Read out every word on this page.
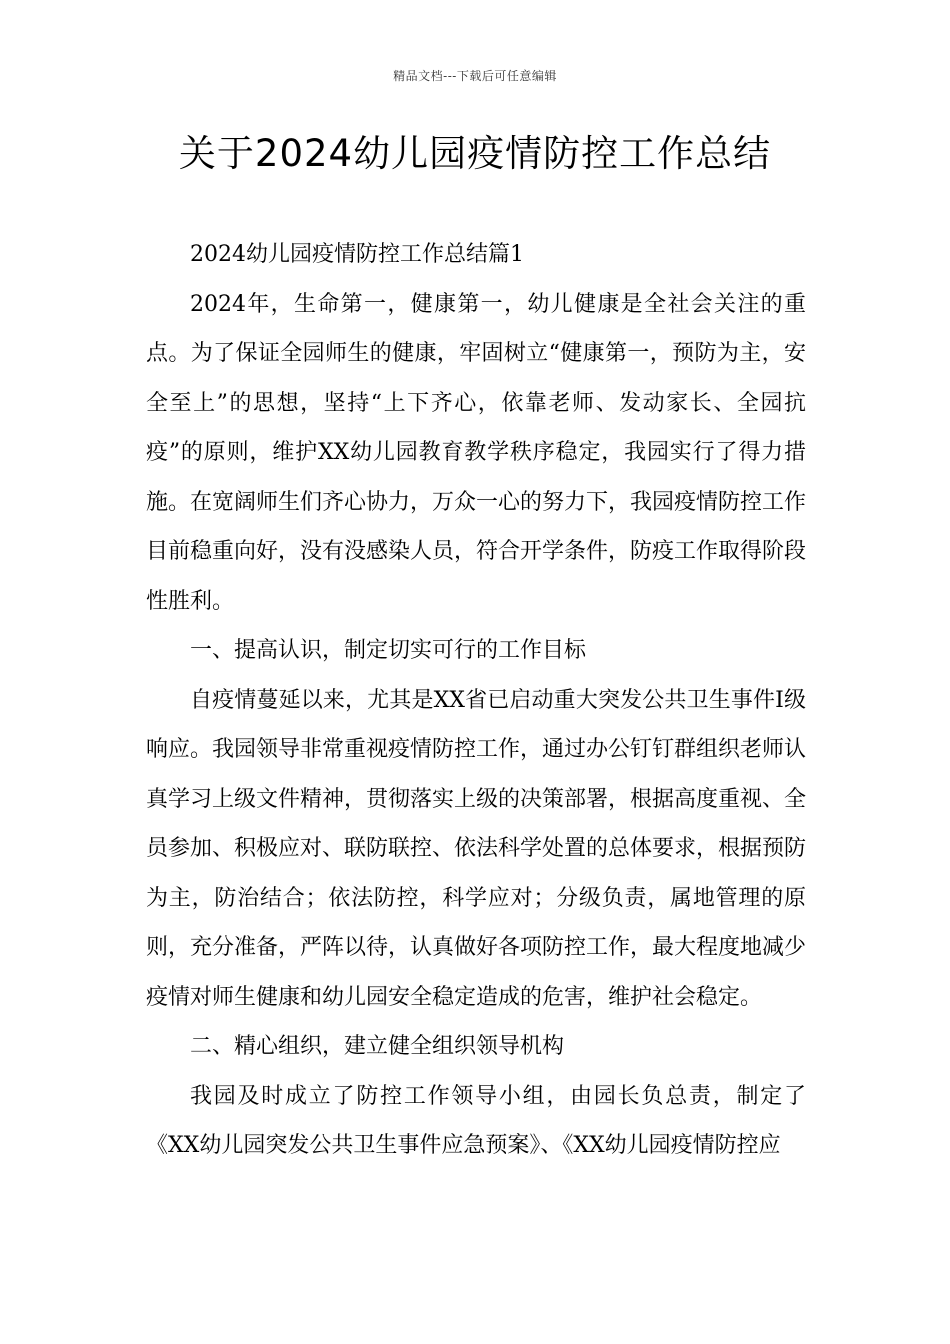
精品文档---下载后可任意编辑
关于2024幼儿园疫情防控工作总结

2024幼儿园疫情防控工作总结篇1

2024年，生命第一，健康第一，幼儿健康是全社会关注的重点。为了保证全园师生的健康，牢固树立“健康第一，预防为主，安全至上”的思想，坚持“上下齐心，依靠老师、发动家长、全园抗疫”的原则，维护XX幼儿园教育教学秩序稳定，我园实行了得力措施。在宽阔师生们齐心协力，万众一心的努力下，我园疫情防控工作目前稳重向好，没有没感染人员，符合开学条件，防疫工作取得阶段性胜利。

一、提高认识，制定切实可行的工作目标

自疫情蔓延以来，尤其是XX省已启动重大突发公共卫生事件I级响应。我园领导非常重视疫情防控工作，通过办公钉钉群组织老师认真学习上级文件精神，贯彻落实上级的决策部署，根据高度重视、全员参加、积极应对、联防联控、依法科学处置的总体要求，根据预防为主，防治结合；依法防控，科学应对；分级负责，属地管理的原则，充分准备，严阵以待，认真做好各项防控工作，最大程度地减少疫情对师生健康和幼儿园安全稳定造成的危害，维护社会稳定。

二、精心组织，建立健全组织领导机构

我园及时成立了防控工作领导小组，由园长负总责，制定了《XX幼儿园突发公共卫生事件应急预案》、《XX幼儿园疫情防控应
